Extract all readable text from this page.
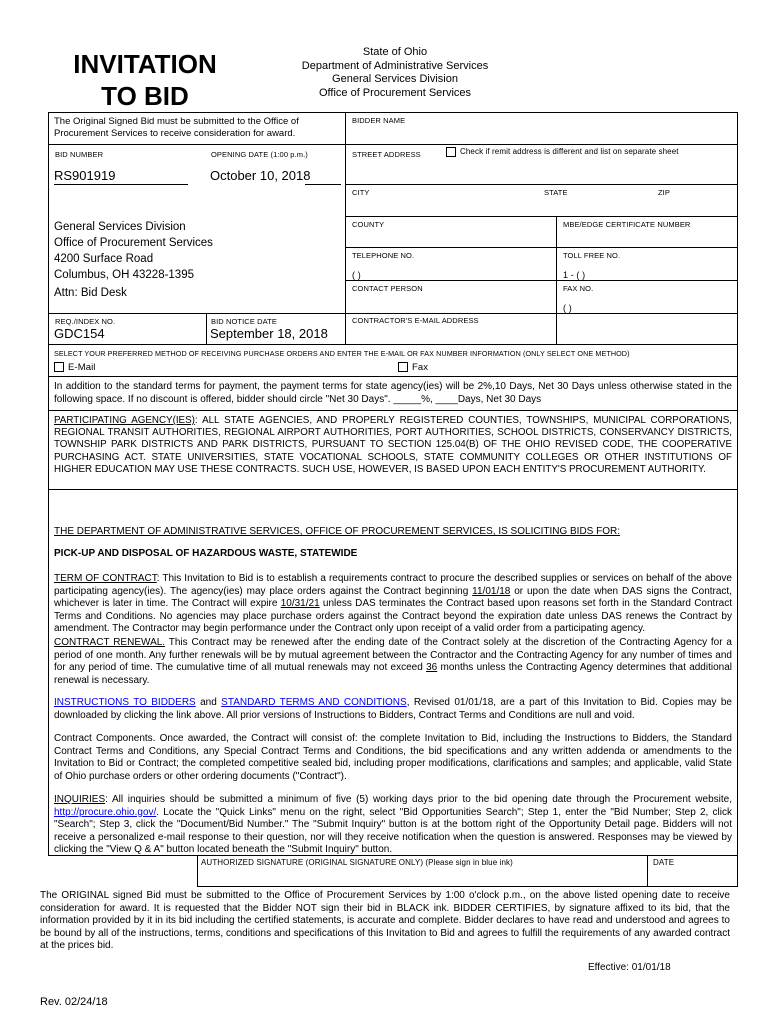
INVITATION
TO BID
State of Ohio
Department of Administrative Services
General Services Division
Office of Procurement Services
The Original Signed Bid must be submitted to the Office of Procurement Services to receive consideration for award.
BID NUMBER	OPENING DATE (1:00 p.m.)
RS901919	October 10, 2018
General Services Division
Office of Procurement Services
4200 Surface Road
Columbus, OH 43228-1395
Attn: Bid Desk
REQ./INDEX NO.
GDC154
BID NOTICE DATE
September 18, 2018
BIDDER NAME
STREET ADDRESS	Check if remit address is different and list on separate sheet
CITY	STATE	ZIP
COUNTY	MBE/EDGE CERTIFICATE NUMBER
TELEPHONE NO.
( )
TOLL FREE NO.
1 - ( )
CONTACT PERSON	FAX NO.
( )
CONTRACTOR'S E-MAIL ADDRESS
SELECT YOUR PREFERRED METHOD OF RECEIVING PURCHASE ORDERS AND ENTER THE E-MAIL OR FAX NUMBER INFORMATION (ONLY SELECT ONE METHOD)
E-Mail	Fax
In addition to the standard terms for payment, the payment terms for state agency(ies) will be 2%,10 Days, Net 30 Days unless otherwise stated in the following space. If no discount is offered, bidder should circle "Net 30 Days". _____%, ____Days, Net 30 Days
PARTICIPATING AGENCY(IES): ALL STATE AGENCIES, AND PROPERLY REGISTERED COUNTIES, TOWNSHIPS, MUNICIPAL CORPORATIONS, REGIONAL TRANSIT AUTHORITIES, REGIONAL AIRPORT AUTHORITIES, PORT AUTHORITIES, SCHOOL DISTRICTS, CONSERVANCY DISTRICTS, TOWNSHIP PARK DISTRICTS AND PARK DISTRICTS, PURSUANT TO SECTION 125.04(B) OF THE OHIO REVISED CODE, THE COOPERATIVE PURCHASING ACT. STATE UNIVERSITIES, STATE VOCATIONAL SCHOOLS, STATE COMMUNITY COLLEGES OR OTHER INSTITUTIONS OF HIGHER EDUCATION MAY USE THESE CONTRACTS. SUCH USE, HOWEVER, IS BASED UPON EACH ENTITY'S PROCUREMENT AUTHORITY.
THE DEPARTMENT OF ADMINISTRATIVE SERVICES, OFFICE OF PROCUREMENT SERVICES, IS SOLICITING BIDS FOR:
PICK-UP AND DISPOSAL OF HAZARDOUS WASTE, STATEWIDE
TERM OF CONTRACT: This Invitation to Bid is to establish a requirements contract to procure the described supplies or services on behalf of the above participating agency(ies). The agency(ies) may place orders against the Contract beginning 11/01/18 or upon the date when DAS signs the Contract, whichever is later in time. The Contract will expire 10/31/21 unless DAS terminates the Contract based upon reasons set forth in the Standard Contract Terms and Conditions. No agencies may place purchase orders against the Contract beyond the expiration date unless DAS renews the Contract by amendment. The Contractor may begin performance under the Contract only upon receipt of a valid order from a participating agency.
CONTRACT RENEWAL. This Contract may be renewed after the ending date of the Contract solely at the discretion of the Contracting Agency for a period of one month. Any further renewals will be by mutual agreement between the Contractor and the Contracting Agency for any number of times and for any period of time. The cumulative time of all mutual renewals may not exceed 36 months unless the Contracting Agency determines that additional renewal is necessary.
INSTRUCTIONS TO BIDDERS and STANDARD TERMS AND CONDITIONS, Revised 01/01/18, are a part of this Invitation to Bid. Copies may be downloaded by clicking the link above. All prior versions of Instructions to Bidders, Contract Terms and Conditions are null and void.
Contract Components. Once awarded, the Contract will consist of: the complete Invitation to Bid, including the Instructions to Bidders, the Standard Contract Terms and Conditions, any Special Contract Terms and Conditions, the bid specifications and any written addenda or amendments to the Invitation to Bid or Contract; the completed competitive sealed bid, including proper modifications, clarifications and samples; and applicable, valid State of Ohio purchase orders or other ordering documents ("Contract").
INQUIRIES: All inquiries should be submitted a minimum of five (5) working days prior to the bid opening date through the Procurement website, http://procure.ohio.gov/. Locate the "Quick Links" menu on the right, select "Bid Opportunities Search"; Step 1, enter the "Bid Number; Step 2, click "Search"; Step 3, click the "Document/Bid Number." The "Submit Inquiry" button is at the bottom right of the Opportunity Detail page. Bidders will not receive a personalized e-mail response to their question, nor will they receive notification when the question is answered. Responses may be viewed by clicking the "View Q & A" button located beneath the "Submit Inquiry" button.
AUTHORIZED SIGNATURE (ORIGINAL SIGNATURE ONLY) (Please sign in blue ink)	DATE
The ORIGINAL signed Bid must be submitted to the Office of Procurement Services by 1:00 o'clock p.m., on the above listed opening date to receive consideration for award. It is requested that the Bidder NOT sign their bid in BLACK ink. BIDDER CERTIFIES, by signature affixed to its bid, that the information provided by it in its bid including the certified statements, is accurate and complete. Bidder declares to have read and understood and agrees to be bound by all of the instructions, terms, conditions and specifications of this Invitation to Bid and agrees to fulfill the requirements of any awarded contract at the prices bid.
Effective: 01/01/18
Rev. 02/24/18
